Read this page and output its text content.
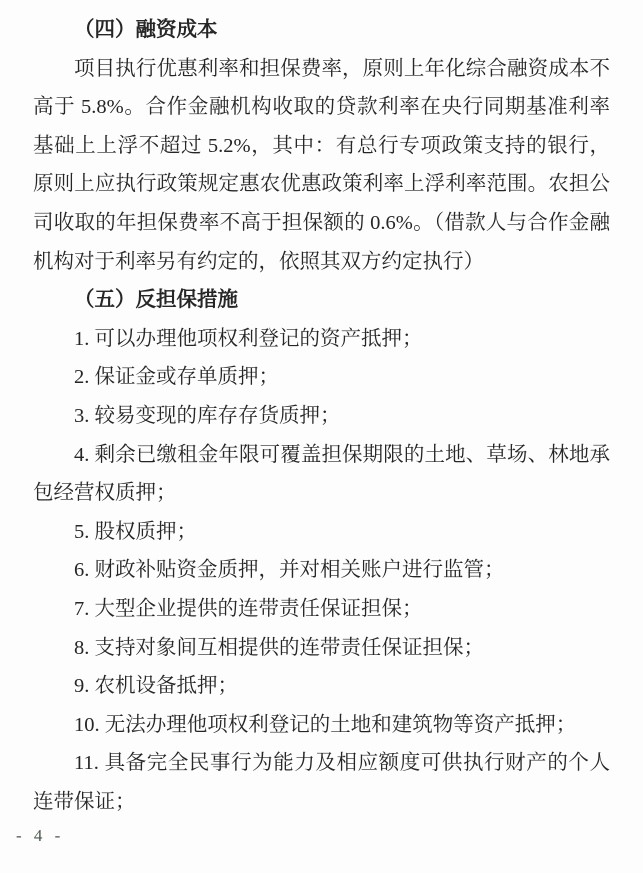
（四）融资成本
项目执行优惠利率和担保费率，原则上年化综合融资成本不
高于 5.8%。合作金融机构收取的贷款利率在央行同期基准利率
基础上上浮不超过 5.2%，其中：有总行专项政策支持的银行，
原则上应执行政策规定惠农优惠政策利率上浮利率范围。农担公
司收取的年担保费率不高于担保额的 0.6%。（借款人与合作金融
机构对于利率另有约定的，依照其双方约定执行）
（五）反担保措施
1. 可以办理他项权利登记的资产抵押；
2. 保证金或存单质押；
3. 较易变现的库存存货质押；
4. 剩余已缴租金年限可覆盖担保期限的土地、草场、林地承
包经营权质押；
5. 股权质押；
6. 财政补贴资金质押，并对相关账户进行监管；
7. 大型企业提供的连带责任保证担保；
8. 支持对象间互相提供的连带责任保证担保；
9. 农机设备抵押；
10. 无法办理他项权利登记的土地和建筑物等资产抵押；
11. 具备完全民事行为能力及相应额度可供执行财产的个人
连带保证；
- 4 -
